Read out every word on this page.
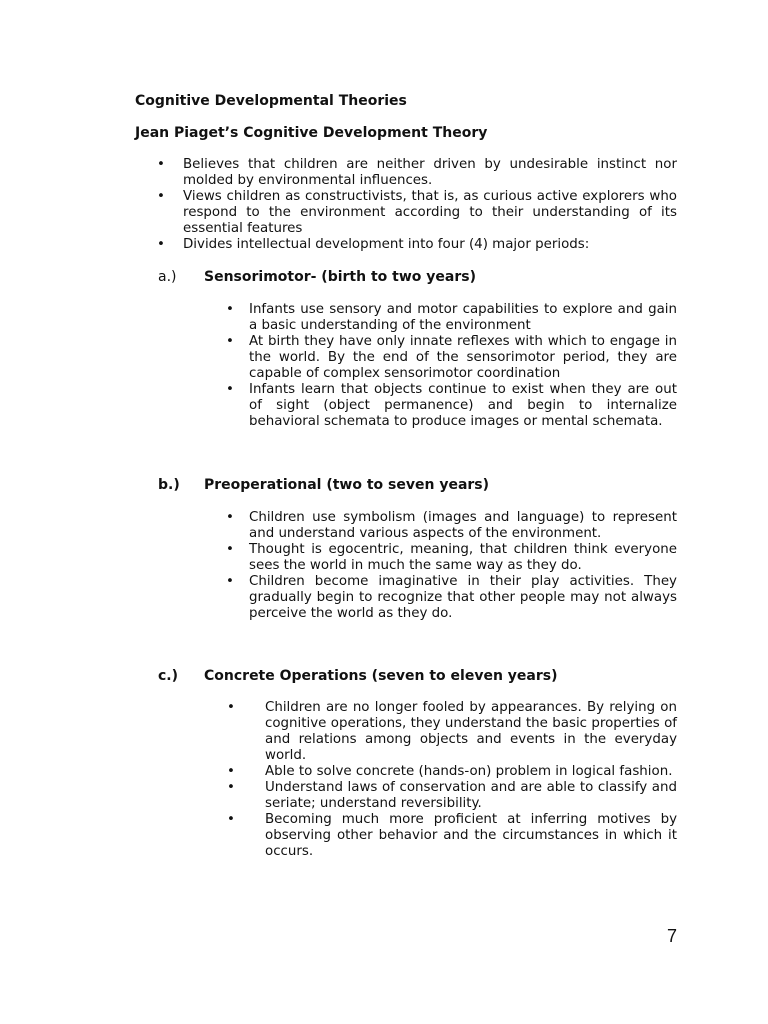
Cognitive Developmental Theories
Jean Piaget’s Cognitive Development Theory
• Believes that children are neither driven by undesirable instinct nor molded by environmental influences.
• Views children as constructivists, that is, as curious active explorers who respond to the environment according to their understanding of its essential features
• Divides intellectual development into four (4) major periods:
a.) Sensorimotor- (birth to two years)
• Infants use sensory and motor capabilities to explore and gain a basic understanding of the environment
• At birth they have only innate reflexes with which to engage in the world. By the end of the sensorimotor period, they are capable of complex sensorimotor coordination
• Infants learn that objects continue to exist when they are out of sight (object permanence) and begin to internalize behavioral schemata to produce images or mental schemata.
b.) Preoperational (two to seven years)
• Children use symbolism (images and language) to represent and understand various aspects of the environment.
• Thought is egocentric, meaning, that children think everyone sees the world in much the same way as they do.
• Children become imaginative in their play activities. They gradually begin to recognize that other people may not always perceive the world as they do.
c.) Concrete Operations (seven to eleven years)
• Children are no longer fooled by appearances. By relying on cognitive operations, they understand the basic properties of and relations among objects and events in the everyday world.
• Able to solve concrete (hands-on) problem in logical fashion.
• Understand laws of conservation and are able to classify and seriate; understand reversibility.
• Becoming much more proficient at inferring motives by observing other behavior and the circumstances in which it occurs.
7
